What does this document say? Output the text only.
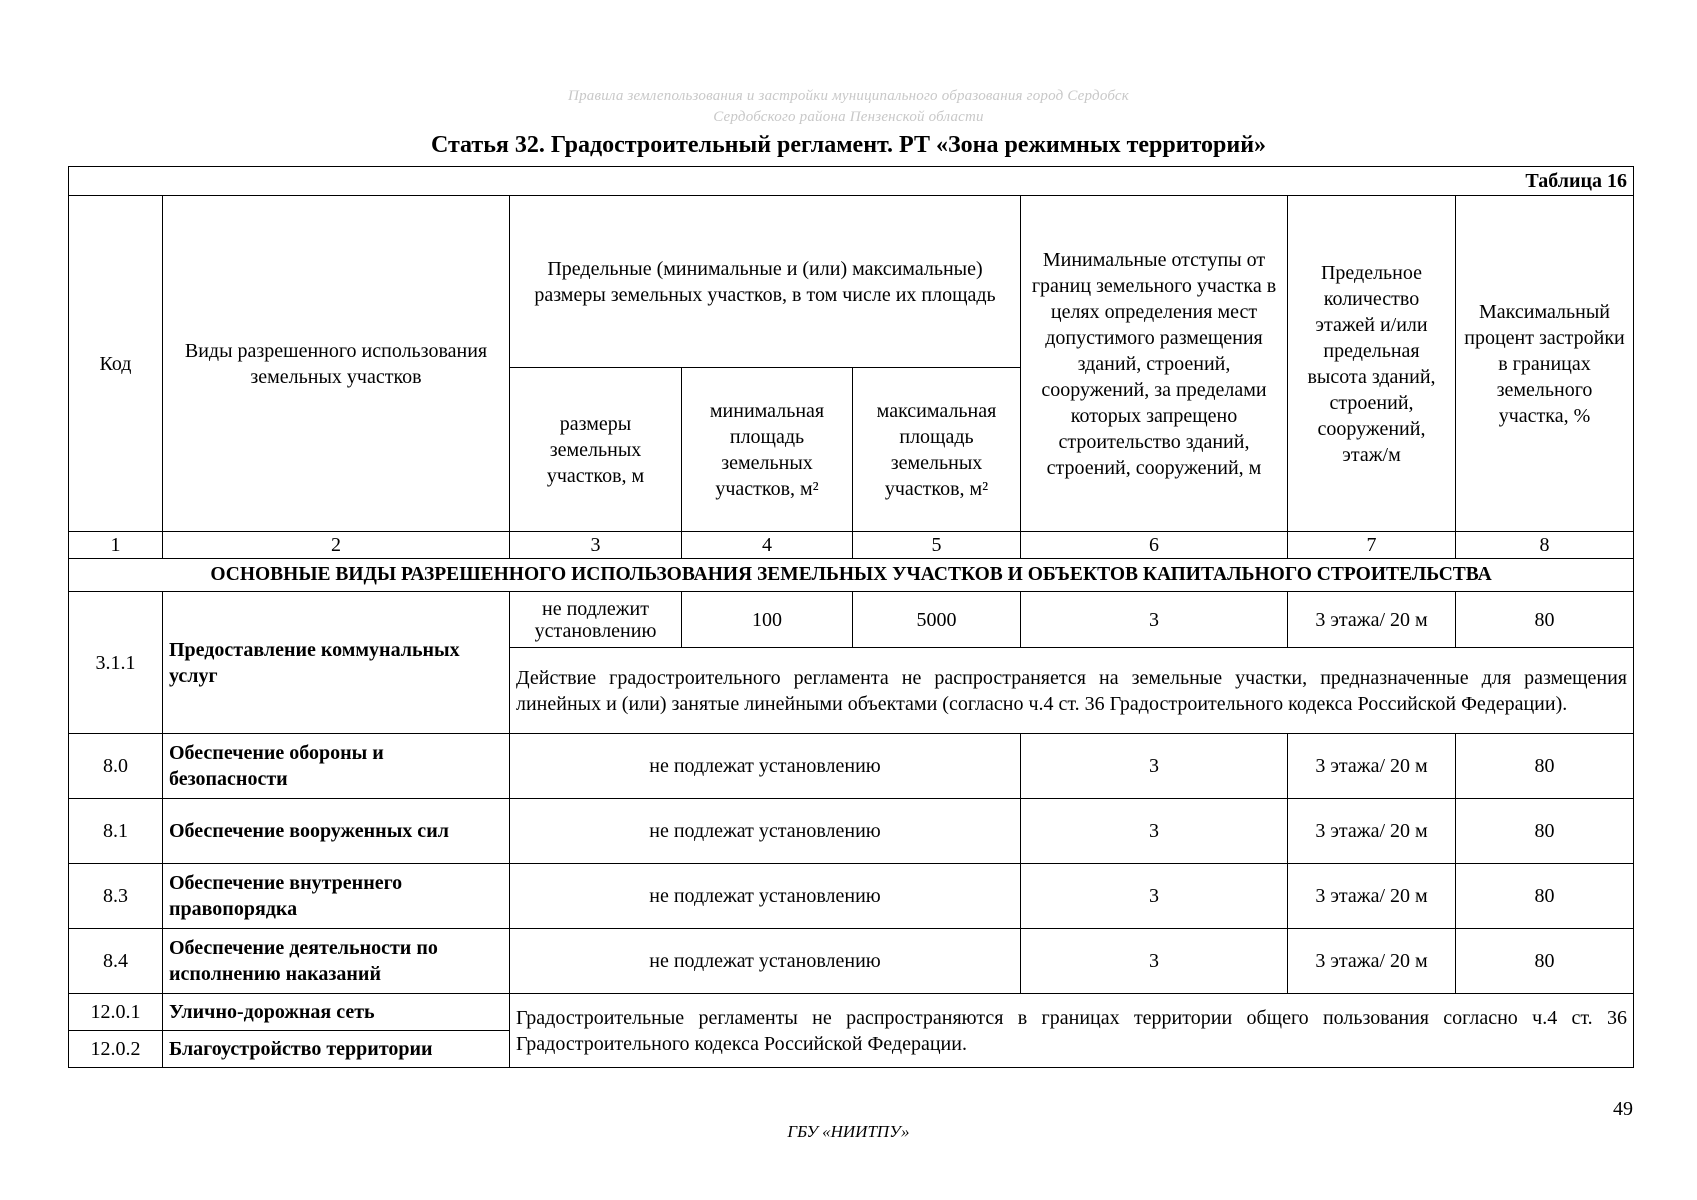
Правила землепользования и застройки муниципального образования город Сердобск
Сердобского района Пензенской области
Статья 32. Градостроительный регламент. РТ «Зона режимных территорий»
Таблица 16							
Код	Виды разрешенного использования земельных участков	Предельные (минимальные и (или) максимальные) размеры земельных участков, в том числе их площадь			Минимальные отступы от границ земельного участка в целях определения мест допустимого размещения зданий, строений, сооружений, за пределами которых запрещено строительство зданий, строений, сооружений, м	Предельное количество этажей и/или предельная высота зданий, строений, сооружений, этаж/м	Максимальный процент застройки в границах земельного участка, %
		размеры земельных участков, м	минимальная площадь земельных участков, м²	максимальная площадь земельных участков, м²			
1	2	3	4	5	6	7	8
ОСНОВНЫЕ ВИДЫ РАЗРЕШЕННОГО ИСПОЛЬЗОВАНИЯ ЗЕМЕЛЬНЫХ УЧАСТКОВ И ОБЪЕКТОВ КАПИТАЛЬНОГО СТРОИТЕЛЬСТВА							
3.1.1	Предоставление коммунальных услуг	не подлежит установлению	100	5000	3	3 этажа/ 20 м	80
		Действие градостроительного регламента не распространяется на земельные участки, предназначенные для размещения линейных и (или) занятые линейными объектами (согласно ч.4 ст. 36 Градостроительного кодекса Российской Федерации).					
8.0	Обеспечение обороны и безопасности	не подлежат установлению			3	3 этажа/ 20 м	80
8.1	Обеспечение вооруженных сил	не подлежат установлению			3	3 этажа/ 20 м	80
8.3	Обеспечение внутреннего правопорядка	не подлежат установлению			3	3 этажа/ 20 м	80
8.4	Обеспечение деятельности по исполнению наказаний	не подлежат установлению			3	3 этажа/ 20 м	80
12.0.1	Улично-дорожная сеть	Градостроительные регламенты не распространяются в границах территории общего пользования согласно ч.4 ст. 36 Градостроительного кодекса Российской Федерации.					
12.0.2	Благоустройство территории						
49
ГБУ «НИИТПУ»
